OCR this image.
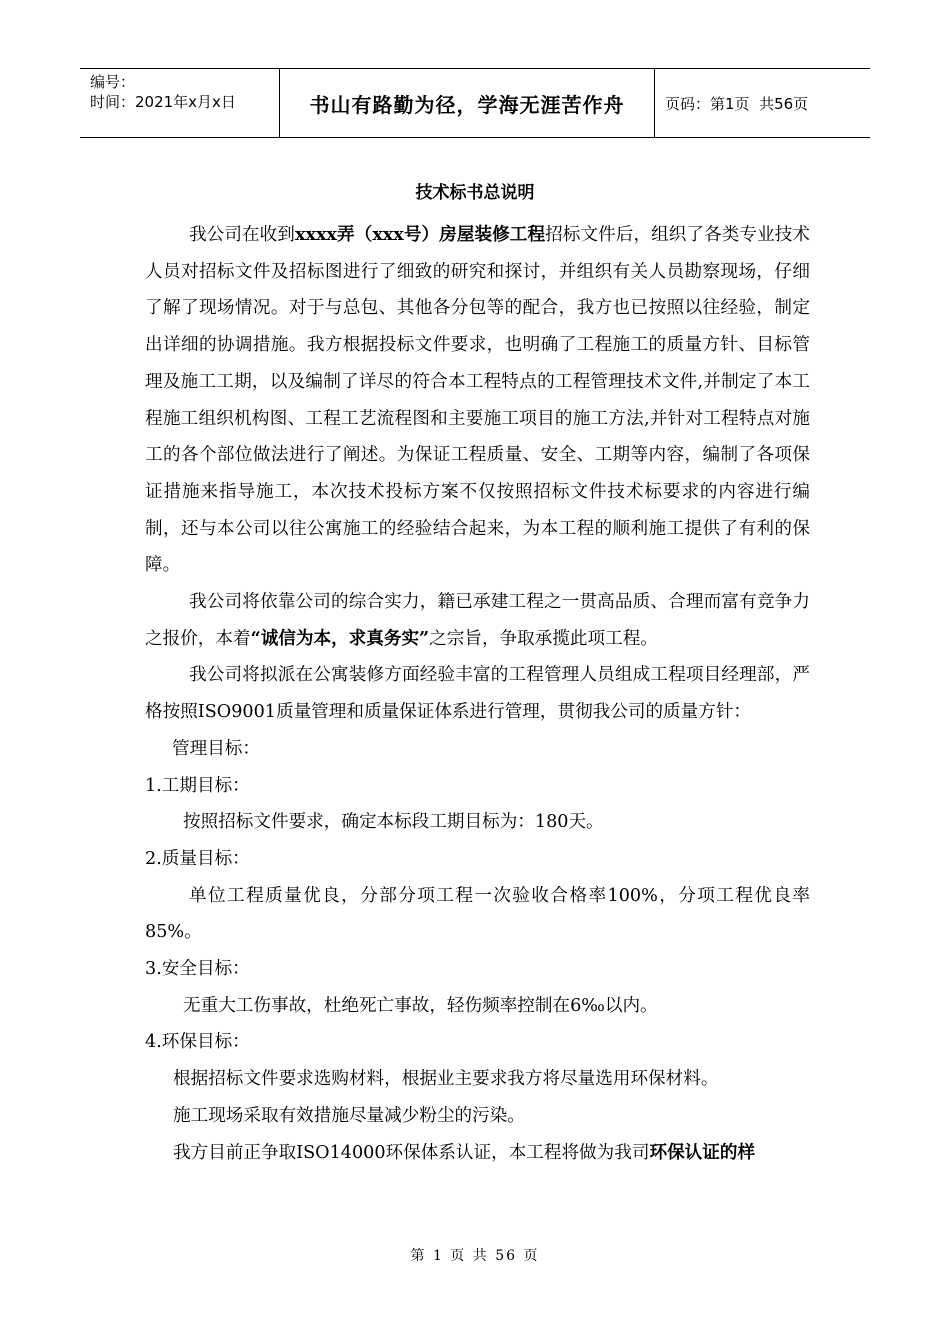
编号：
时间：2021年x月x日	书山有路勤为径，学海无涯苦作舟	页码：第1页  共56页
技术标书总说明

我公司在收到xxxx弄（xxx号）房屋装修工程招标文件后，组织了各类专业技术人员对招标文件及招标图进行了细致的研究和探讨，并组织有关人员勘察现场，仔细了解了现场情况。对于与总包、其他各分包等的配合，我方也已按照以往经验，制定出详细的协调措施。我方根据投标文件要求，也明确了工程施工的质量方针、目标管理及施工工期，以及编制了详尽的符合本工程特点的工程管理技术文件,并制定了本工程施工组织机构图、工程工艺流程图和主要施工项目的施工方法,并针对工程特点对施工的各个部位做法进行了阐述。为保证工程质量、安全、工期等内容，编制了各项保证措施来指导施工，本次技术投标方案不仅按照招标文件技术标要求的内容进行编制，还与本公司以往公寓施工的经验结合起来，为本工程的顺利施工提供了有利的保障。

我公司将依靠公司的综合实力，籍已承建工程之一贯高品质、合理而富有竞争力之报价，本着“诚信为本，求真务实”之宗旨，争取承揽此项工程。

我公司将拟派在公寓装修方面经验丰富的工程管理人员组成工程项目经理部，严格按照ISO9001质量管理和质量保证体系进行管理，贯彻我公司的质量方针：

管理目标：

1.工期目标：

按照招标文件要求，确定本标段工期目标为：180天。

2.质量目标：

单位工程质量优良，分部分项工程一次验收合格率100%，分项工程优良率85%。

3.安全目标：

无重大工伤事故，杜绝死亡事故，轻伤频率控制在6‰以内。

4.环保目标：

根据招标文件要求选购材料，根据业主要求我方将尽量选用环保材料。

施工现场采取有效措施尽量减少粉尘的污染。

我方目前正争取ISO14000环保体系认证，本工程将做为我司环保认证的样

第 1 页 共 56 页
